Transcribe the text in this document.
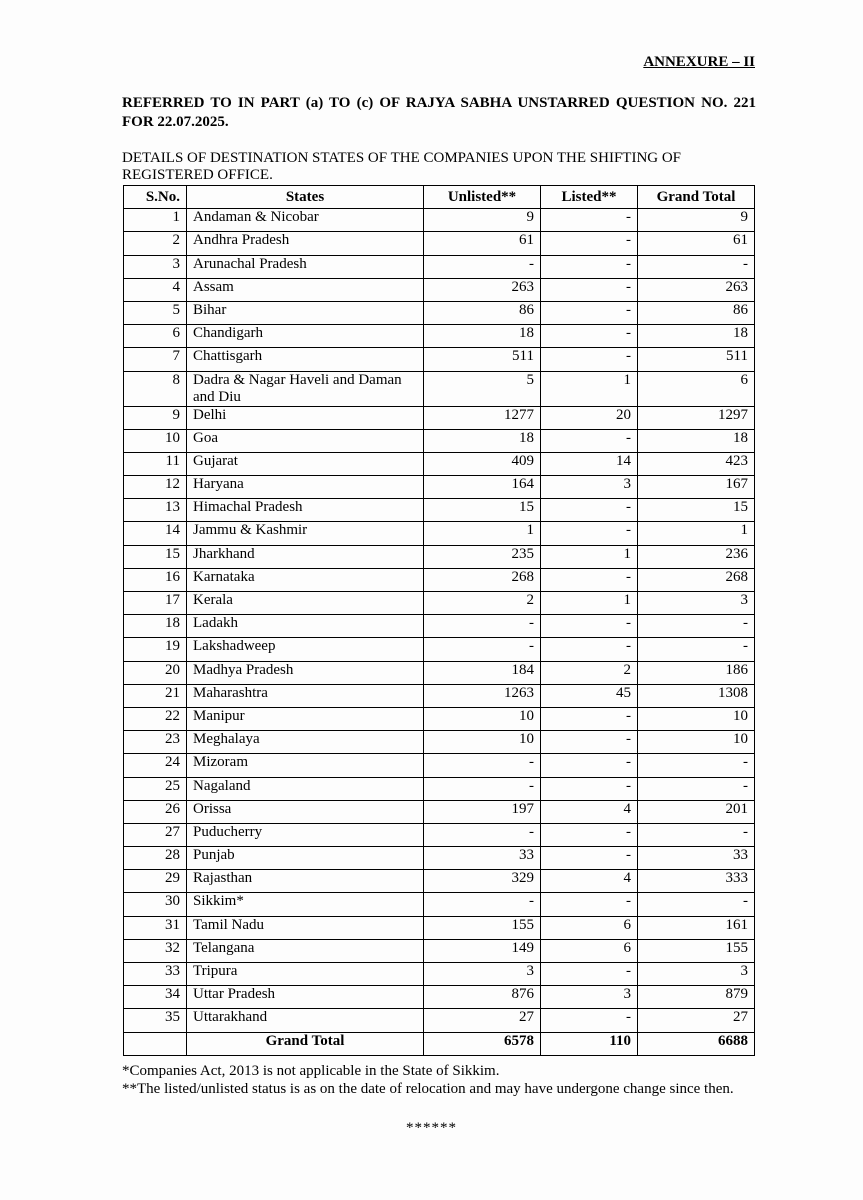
ANNEXURE – II
REFERRED TO IN PART (a) TO (c) OF RAJYA SABHA UNSTARRED QUESTION NO. 221 FOR 22.07.2025.
DETAILS OF DESTINATION STATES OF THE COMPANIES UPON THE SHIFTING OF REGISTERED OFFICE.
S.No.	States	Unlisted**	Listed**	Grand Total
1	Andaman & Nicobar	9	-	9
2	Andhra Pradesh	61	-	61
3	Arunachal Pradesh	-	-	-
4	Assam	263	-	263
5	Bihar	86	-	86
6	Chandigarh	18	-	18
7	Chattisgarh	511	-	511
8	Dadra & Nagar Haveli and Daman and Diu	5	1	6
9	Delhi	1277	20	1297
10	Goa	18	-	18
11	Gujarat	409	14	423
12	Haryana	164	3	167
13	Himachal Pradesh	15	-	15
14	Jammu & Kashmir	1	-	1
15	Jharkhand	235	1	236
16	Karnataka	268	-	268
17	Kerala	2	1	3
18	Ladakh	-	-	-
19	Lakshadweep	-	-	-
20	Madhya Pradesh	184	2	186
21	Maharashtra	1263	45	1308
22	Manipur	10	-	10
23	Meghalaya	10	-	10
24	Mizoram	-	-	-
25	Nagaland	-	-	-
26	Orissa	197	4	201
27	Puducherry	-	-	-
28	Punjab	33	-	33
29	Rajasthan	329	4	333
30	Sikkim*	-	-	-
31	Tamil Nadu	155	6	161
32	Telangana	149	6	155
33	Tripura	3	-	3
34	Uttar Pradesh	876	3	879
35	Uttarakhand	27	-	27
	Grand Total	6578	110	6688
*Companies Act, 2013 is not applicable in the State of Sikkim.
**The listed/unlisted status is as on the date of relocation and may have undergone change since then.
******
